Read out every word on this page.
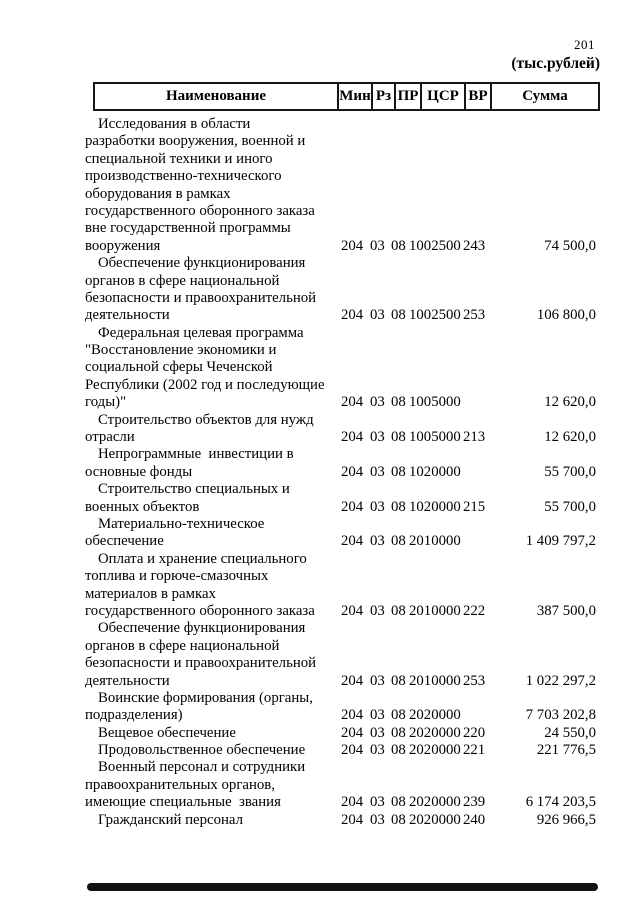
201
(тыс.рублей)
Наименование	Мин Рз ПР ЦСР ВР	Сумма
Исследования в области
разработки вооружения, военной и
специальной техники и иного
производственно-технического
оборудования в рамках
государственного оборонного заказа
вне государственной программы
вооружения	204 03 08 1002500 243	74 500,0
Обеспечение функционирования
органов в сфере национальной
безопасности и правоохранительной
деятельности	204 03 08 1002500 253	106 800,0
Федеральная целевая программа
"Восстановление экономики и
социальной сферы Чеченской
Республики (2002 год и последующие
годы)"	204 03 08 1005000	12 620,0
Строительство объектов для нужд
отрасли	204 03 08 1005000 213	12 620,0
Непрограммные  инвестиции в
основные фонды	204 03 08 1020000	55 700,0
Строительство специальных и
военных объектов	204 03 08 1020000 215	55 700,0
Материально-техническое
обеспечение	204 03 08 2010000	1 409 797,2
Оплата и хранение специального
топлива и горюче-смазочных
материалов в рамках
государственного оборонного заказа	204 03 08 2010000 222	387 500,0
Обеспечение функционирования
органов в сфере национальной
безопасности и правоохранительной
деятельности	204 03 08 2010000 253	1 022 297,2
Воинские формирования (органы,
подразделения)	204 03 08 2020000	7 703 202,8
Вещевое обеспечение	204 03 08 2020000 220	24 550,0
Продовольственное обеспечение	204 03 08 2020000 221	221 776,5
Военный персонал и сотрудники
правоохранительных органов,
имеющие специальные  звания	204 03 08 2020000 239	6 174 203,5
Гражданский персонал	204 03 08 2020000 240	926 966,5
